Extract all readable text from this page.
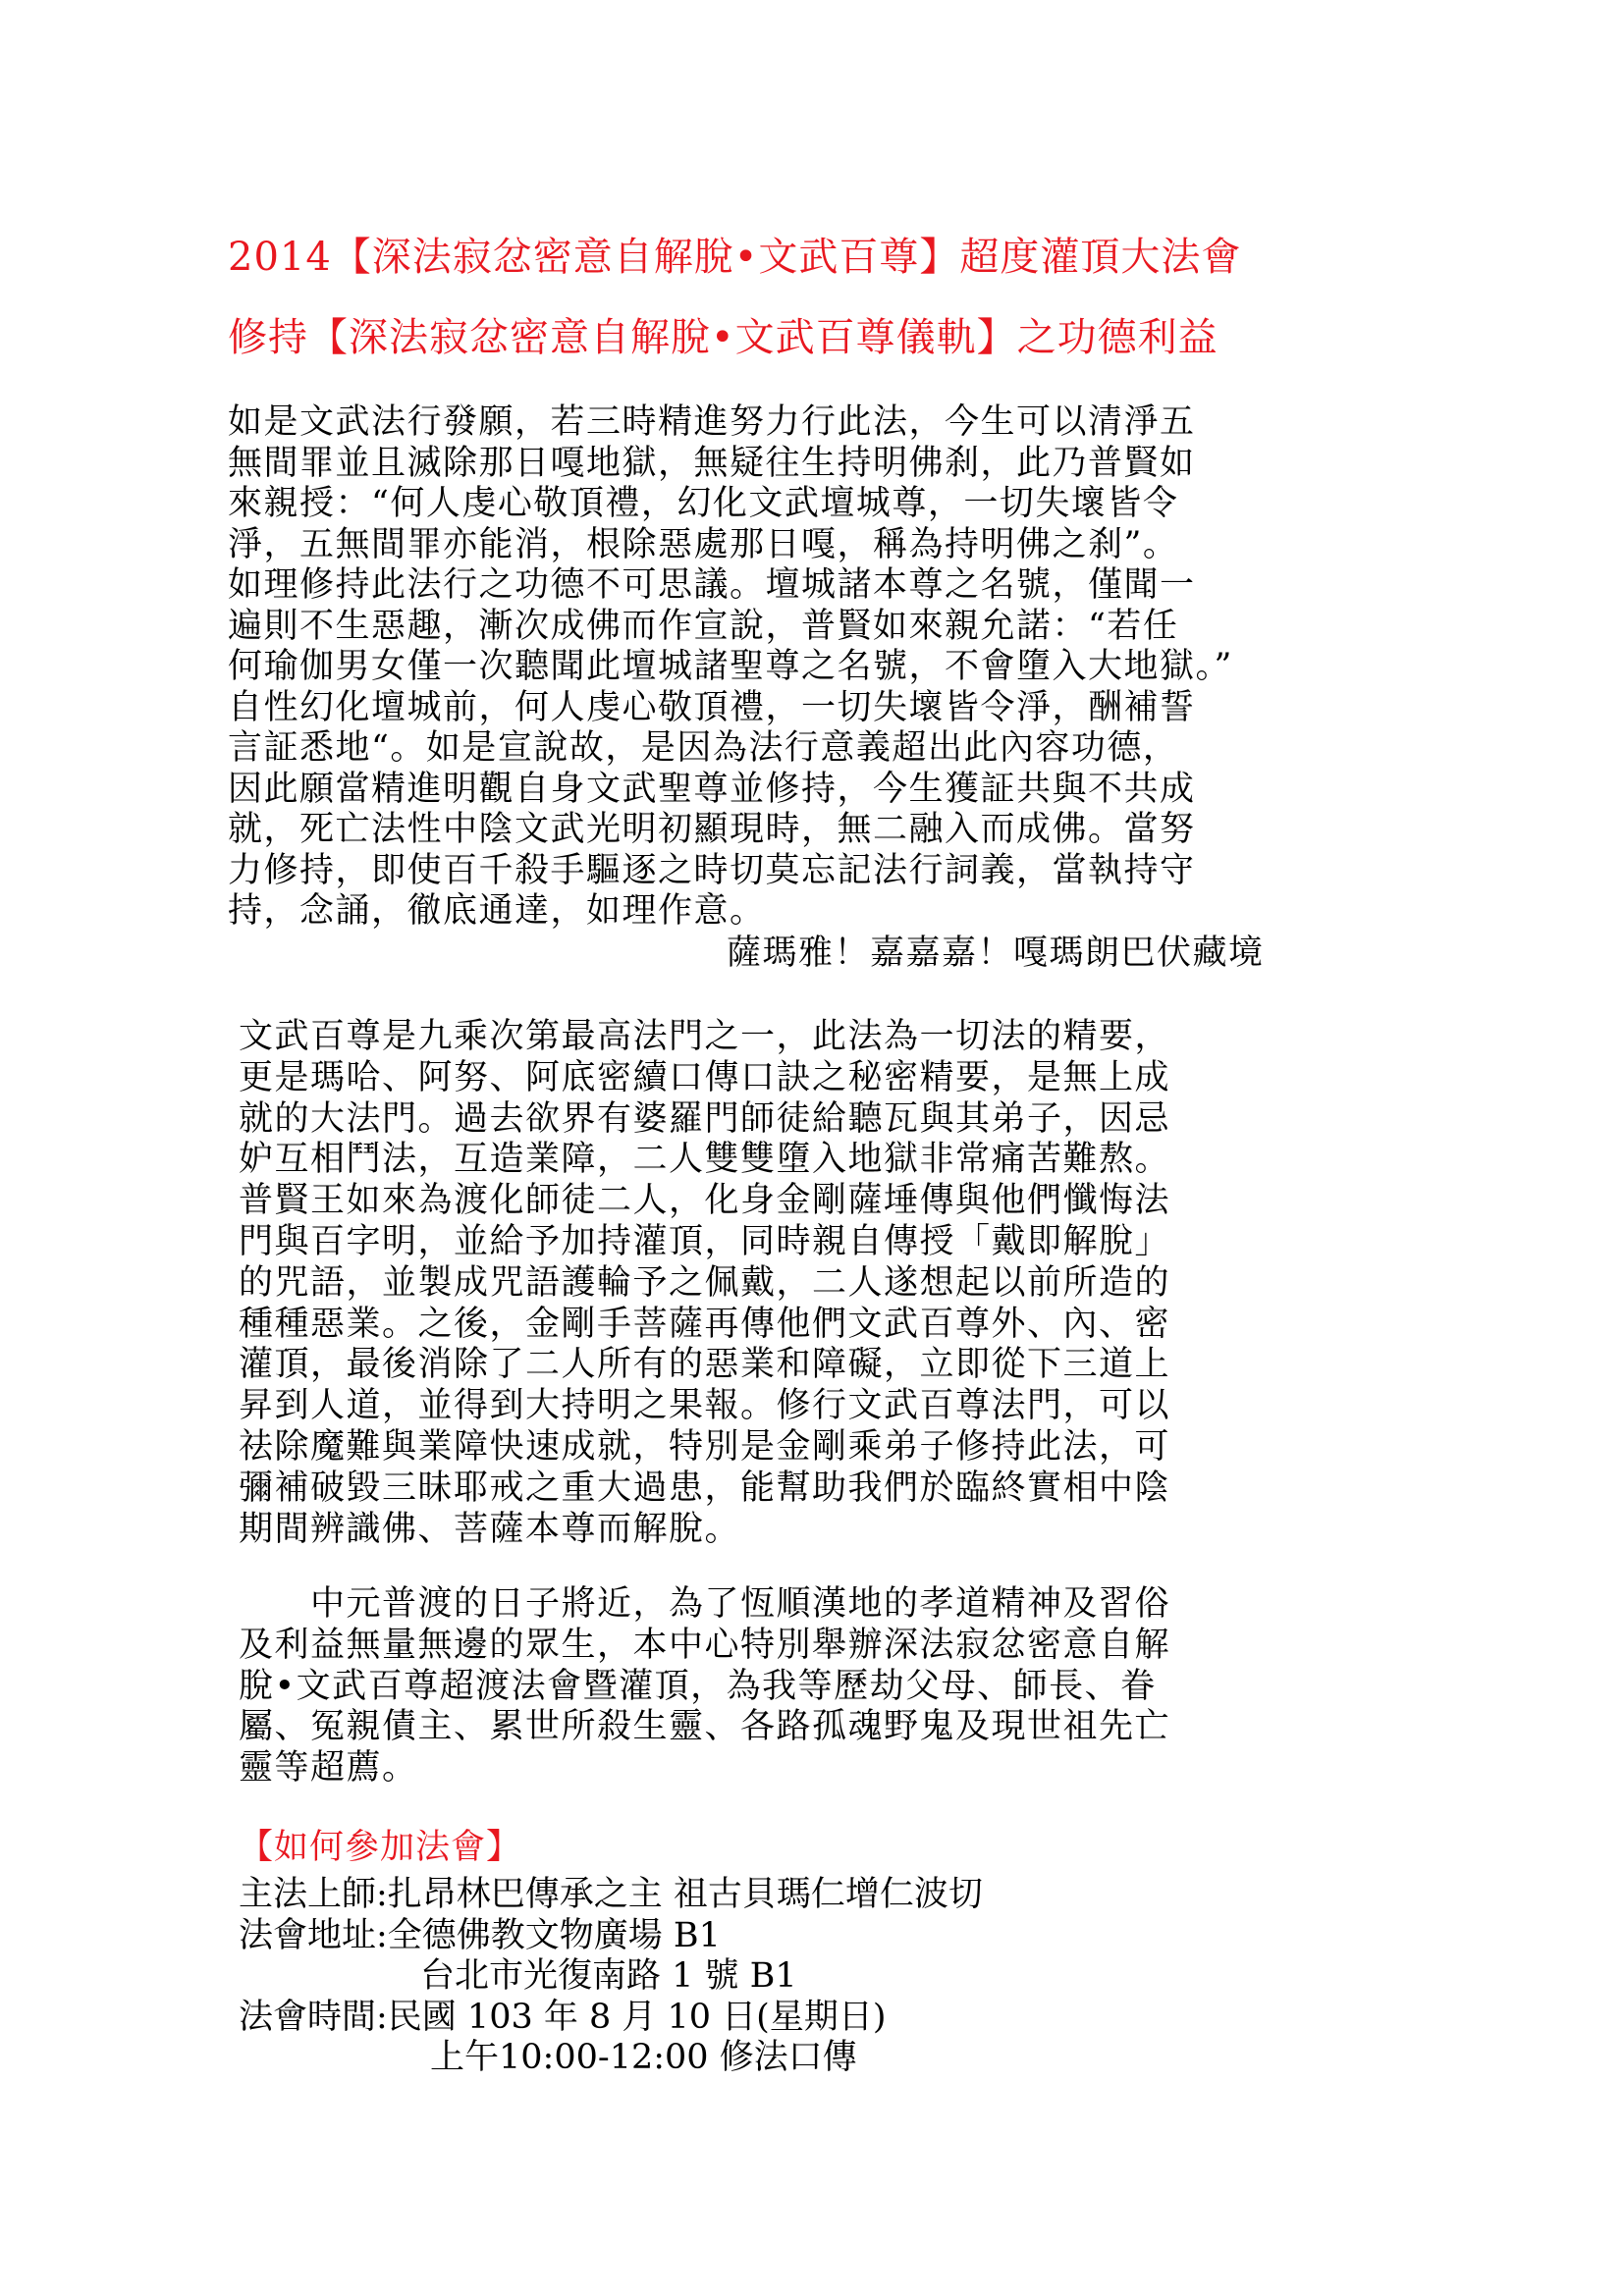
2014【深法寂忿密意自解脫•文武百尊】超度灌頂大法會
修持【深法寂忿密意自解脫•文武百尊儀軌】之功德利益
如是文武法行發願，若三時精進努力行此法，今生可以清淨五
無間罪並且滅除那日嘎地獄，無疑往生持明佛刹，此乃普賢如
來親授：“何人虔心敬頂禮，幻化文武壇城尊，一切失壞皆令
淨，五無間罪亦能消，根除惡處那日嘎，稱為持明佛之刹”。
如理修持此法行之功德不可思議。壇城諸本尊之名號，僅聞一
遍則不生惡趣，漸次成佛而作宣說，普賢如來親允諾：“若任
何瑜伽男女僅一次聽聞此壇城諸聖尊之名號，不會墮入大地獄。”
自性幻化壇城前，何人虔心敬頂禮，一切失壞皆令淨，酬補誓
言証悉地“。如是宣說故，是因為法行意義超出此內容功德，
因此願當精進明觀自身文武聖尊並修持，今生獲証共與不共成
就，死亡法性中陰文武光明初顯現時，無二融入而成佛。當努
力修持，即使百千殺手驅逐之時切莫忘記法行詞義，當執持守
持，念誦，徹底通達，如理作意。
薩瑪雅！嘉嘉嘉！嘎瑪朗巴伏藏境
文武百尊是九乘次第最高法門之一，此法為一切法的精要，
更是瑪哈、阿努、阿底密續口傳口訣之秘密精要，是無上成
就的大法門。過去欲界有婆羅門師徒給聽瓦與其弟子，因忌
妒互相鬥法，互造業障，二人雙雙墮入地獄非常痛苦難熬。
普賢王如來為渡化師徒二人，化身金剛薩埵傳與他們懺悔法
門與百字明，並給予加持灌頂，同時親自傳授「戴即解脫」
的咒語，並製成咒語護輪予之佩戴，二人遂想起以前所造的
種種惡業。之後，金剛手菩薩再傳他們文武百尊外、內、密
灌頂，最後消除了二人所有的惡業和障礙，立即從下三道上
昇到人道，並得到大持明之果報。修行文武百尊法門，可以
祛除魔難與業障快速成就，特別是金剛乘弟子修持此法，可
彌補破毀三昧耶戒之重大過患，能幫助我們於臨終實相中陰
期間辨識佛、菩薩本尊而解脫。
　　中元普渡的日子將近，為了恆順漢地的孝道精神及習俗
及利益無量無邊的眾生，本中心特別舉辦深法寂忿密意自解
脫•文武百尊超渡法會暨灌頂，為我等歷劫父母、師長、眷
屬、冤親債主、累世所殺生靈、各路孤魂野鬼及現世祖先亡
靈等超薦。
【如何參加法會】
主法上師:扎昂林巴傳承之主 祖古貝瑪仁增仁波切
法會地址:全德佛教文物廣場 B1
台北市光復南路 1 號 B1
法會時間:民國 103 年 8 月 10 日(星期日)
上午10:00-12:00 修法口傳
